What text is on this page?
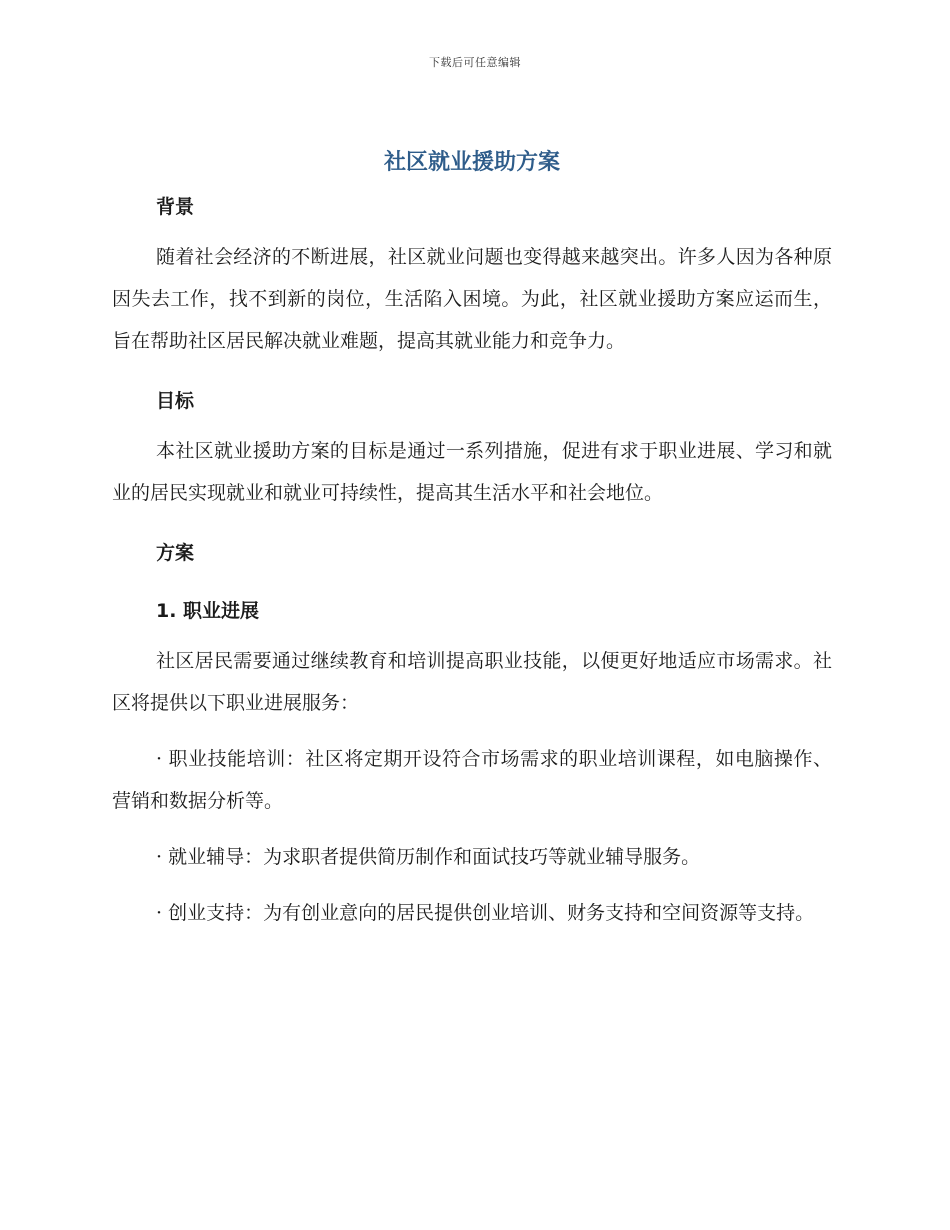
下载后可任意编辑
社区就业援助方案
背景

随着社会经济的不断进展，社区就业问题也变得越来越突出。许多人因为各种原因失去工作，找不到新的岗位，生活陷入困境。为此，社区就业援助方案应运而生，旨在帮助社区居民解决就业难题，提高其就业能力和竞争力。

目标

本社区就业援助方案的目标是通过一系列措施，促进有求于职业进展、学习和就业的居民实现就业和就业可持续性，提高其生活水平和社会地位。

方案
1. 职业进展

社区居民需要通过继续教育和培训提高职业技能，以便更好地适应市场需求。社区将提供以下职业进展服务：

· 职业技能培训：社区将定期开设符合市场需求的职业培训课程，如电脑操作、营销和数据分析等。

· 就业辅导：为求职者提供简历制作和面试技巧等就业辅导服务。

· 创业支持：为有创业意向的居民提供创业培训、财务支持和空间资源等支持。
